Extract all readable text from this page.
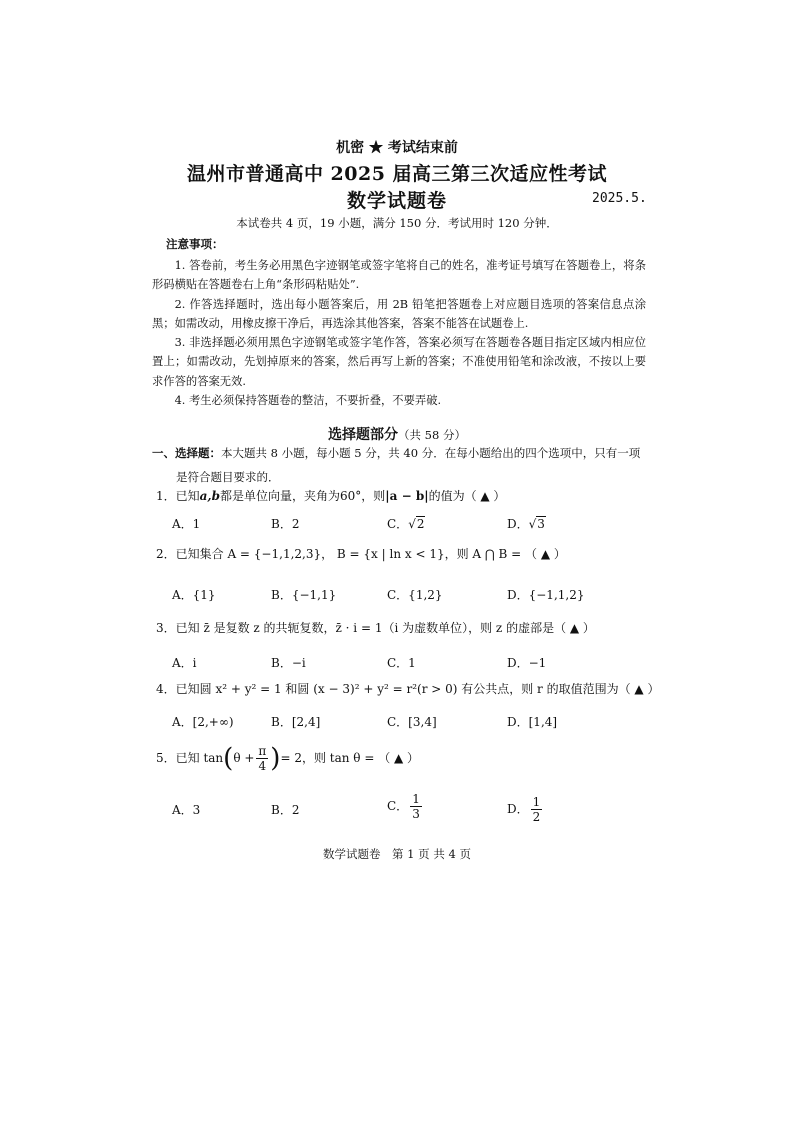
机密 ★ 考试结束前
温州市普通高中 2025 届高三第三次适应性考试
数学试题卷	2025.5.
本试卷共 4 页，19 小题，满分 150 分．考试用时 120 分钟．
注意事项：

1. 答卷前，考生务必用黑色字迹钢笔或签字笔将自己的姓名，准考证号填写在答题卷上，将条形码横贴在答题卷右上角“条形码粘贴处”.

2. 作答选择题时，选出每小题答案后，用 2B 铅笔把答题卷上对应题目选项的答案信息点涂黑；如需改动，用橡皮擦干净后，再选涂其他答案，答案不能答在试题卷上.

3. 非选择题必须用黑色字迹钢笔或签字笔作答，答案必须写在答题卷各题目指定区域内相应位置上；如需改动，先划掉原来的答案，然后再写上新的答案；不准使用铅笔和涂改液，不按以上要求作答的答案无效.

4. 考生必须保持答题卷的整洁，不要折叠，不要弄破.

选择题部分（共 58 分）
一、选择题：本大题共 8 小题，每小题 5 分，共 40 分．在每小题给出的四个选项中，只有一项
是符合题目要求的．
1．已知a,b都是单位向量，夹角为60°，则|a − b|的值为（ ▲ ）
A．1	B．2	C．√2	D．√3
2．已知集合 A = {−1,1,2,3}， B = {x | ln x < 1}，则 A ⋂ B = （ ▲ ）
A．{1}	B．{−1,1}	C．{1,2}	D．{−1,1,2}
3．已知 z̄ 是复数 z 的共轭复数，z̄ · i = 1（i 为虚数单位），则 z 的虚部是（ ▲ ）
A．i	B．−i	C．1	D．−1
4．已知圆 x² + y² = 1 和圆 (x − 3)² + y² = r²(r > 0) 有公共点，则 r 的取值范围为（ ▲ ）
A．[2,+∞)	B．[2,4]	C．[3,4]	D．[1,4]
5．已知 $\tan(\theta + \frac{\pi}{4}$ )= 2，则 tan θ = （ ▲ ）
A．3	B．2	C． $\frac{1}{3}$	D． $\frac{1}{2}$
数学试题卷　第 1 页 共 4 页
